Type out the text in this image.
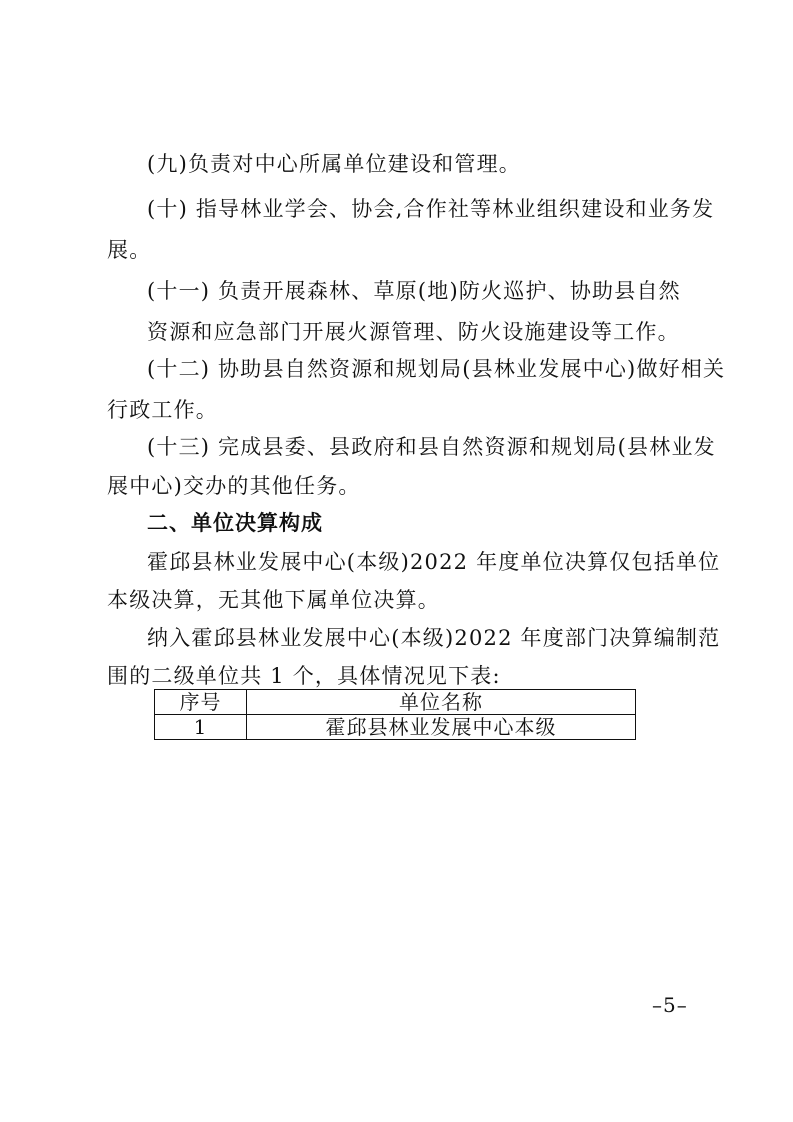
(九)负责对中心所属单位建设和管理。
(十) 指导林业学会、协会,合作社等林业组织建设和业务发
展。
(十一) 负责开展森林、草原(地)防火巡护、协助县自然
资源和应急部门开展火源管理、防火设施建设等工作。
(十二) 协助县自然资源和规划局(县林业发展中心)做好相关
行政工作。
(十三) 完成县委、县政府和县自然资源和规划局(县林业发
展中心)交办的其他任务。
二、单位决算构成
霍邱县林业发展中心(本级)2022 年度单位决算仅包括单位
本级决算，无其他下属单位决算。
纳入霍邱县林业发展中心(本级)2022 年度部门决算编制范
围的二级单位共 1 个，具体情况见下表:
序号	单位名称
1	霍邱县林业发展中心本级
–5–
